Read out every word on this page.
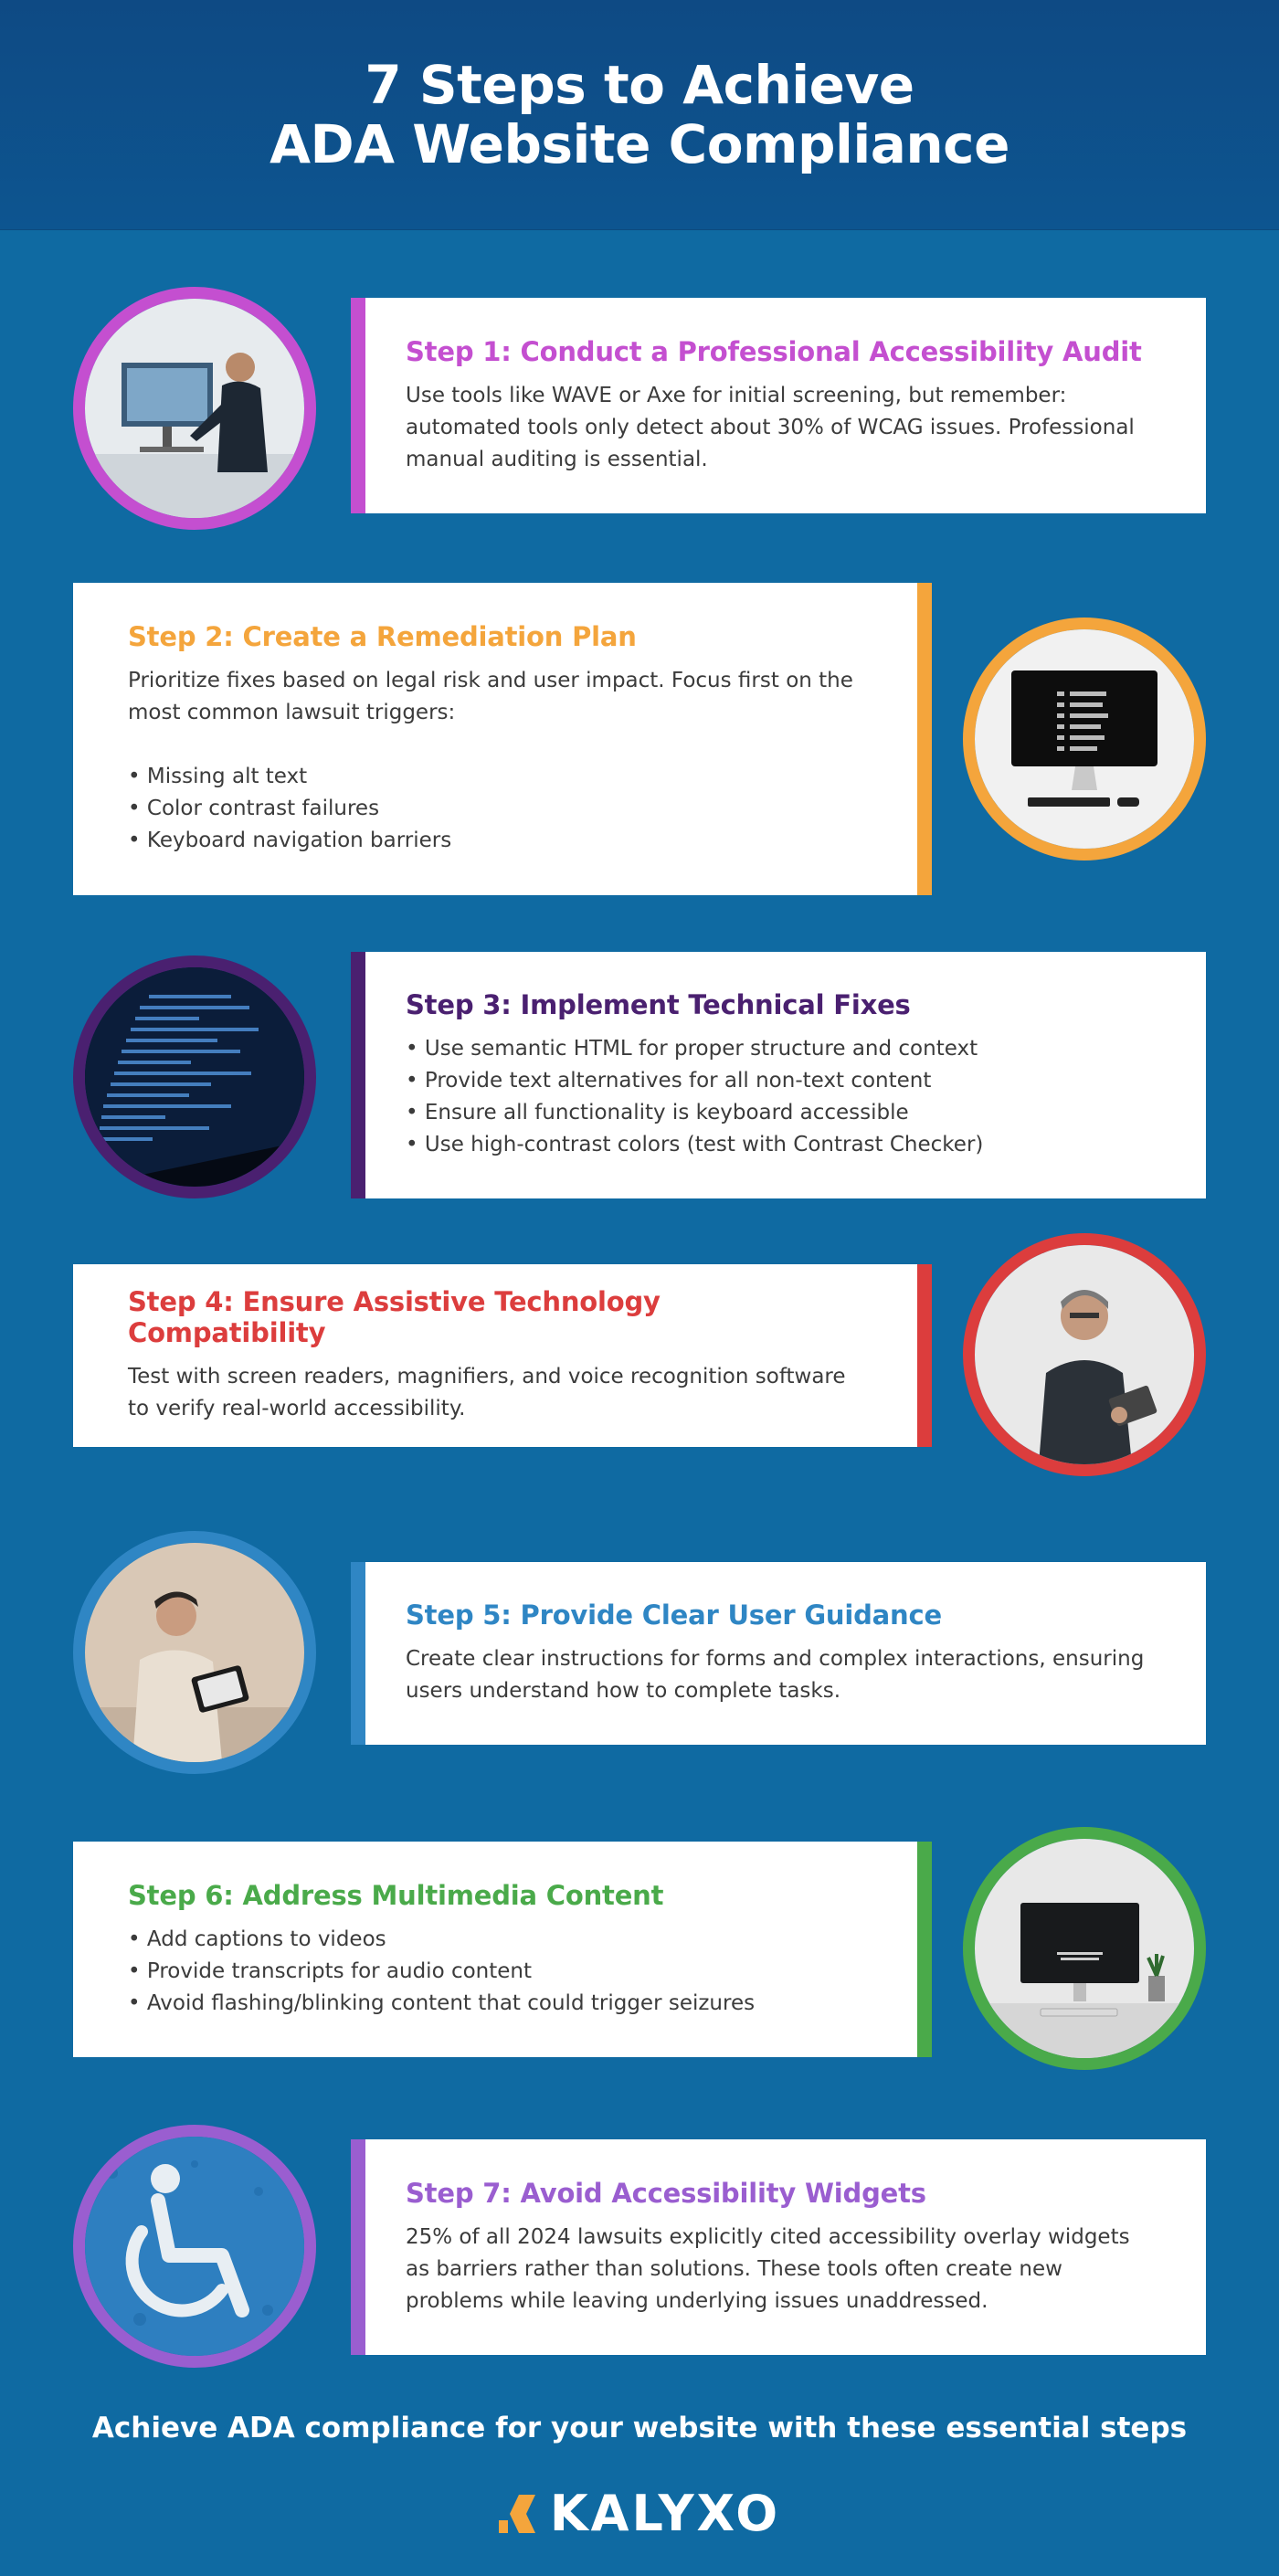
7 Steps to Achieve
ADA Website Compliance
Step 1: Conduct a Professional Accessibility Audit

Use tools like WAVE or Axe for initial screening, but remember: automated tools only detect about 30% of WCAG issues. Professional manual auditing is essential.

Step 2: Create a Remediation Plan

Prioritize fixes based on legal risk and user impact. Focus first on the most common lawsuit triggers:

• Missing alt text
• Color contrast failures
• Keyboard navigation barriers
Step 3: Implement Technical Fixes
• Use semantic HTML for proper structure and context
• Provide text alternatives for all non-text content
• Ensure all functionality is keyboard accessible
• Use high-contrast colors (test with Contrast Checker)
Step 4: Ensure Assistive Technology Compatibility

Test with screen readers, magnifiers, and voice recognition software to verify real-world accessibility.

Step 5: Provide Clear User Guidance

Create clear instructions for forms and complex interactions, ensuring users understand how to complete tasks.

Step 6: Address Multimedia Content
• Add captions to videos
• Provide transcripts for audio content
• Avoid flashing/blinking content that could trigger seizures
Step 7: Avoid Accessibility Widgets

25% of all 2024 lawsuits explicitly cited accessibility overlay widgets as barriers rather than solutions. These tools often create new problems while leaving underlying issues unaddressed.

Achieve ADA compliance for your website with these essential steps
KALYXO
